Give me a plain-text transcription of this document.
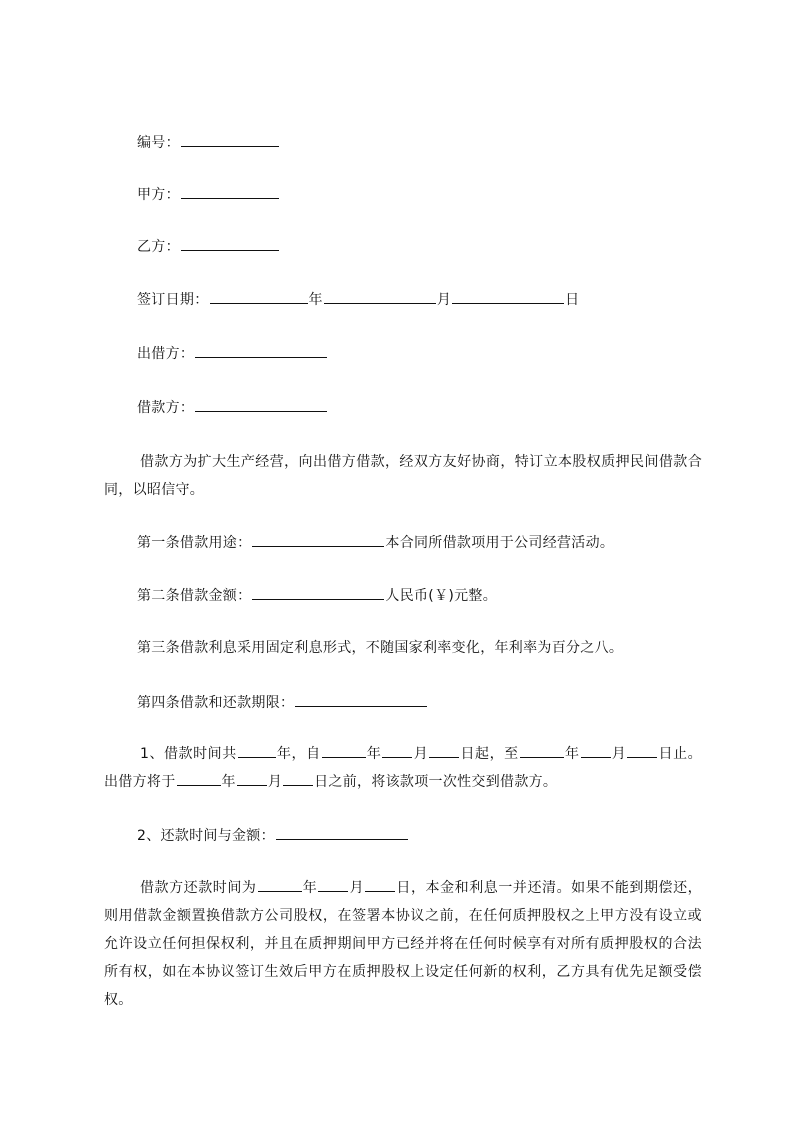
编号：
甲方：
乙方：
签订日期：	年	月	日
出借方：
借款方：
借款方为扩大生产经营，向出借方借款，经双方友好协商，特订立本股权质押民间借款合同，以昭信守。
第一条借款用途：	本合同所借款项用于公司经营活动。
第二条借款金额：	人民币(￥)元整。
第三条借款利息采用固定利息形式，不随国家利率变化，年利率为百分之八。
第四条借款和还款期限：
1、借款时间共	年，自	年 月 日起，至	年 月 日止。出借方将于	年 月 日之前，将该款项一次性交到借款方。
2、还款时间与金额：
借款方还款时间为	年 月 日，本金和利息一并还清。如果不能到期偿还，则用借款金额置换借款方公司股权，在签署本协议之前，在任何质押股权之上甲方没有设立或允许设立任何担保权利，并且在质押期间甲方已经并将在任何时候享有对所有质押股权的合法所有权，如在本协议签订生效后甲方在质押股权上设定任何新的权利，乙方具有优先足额受偿权。
